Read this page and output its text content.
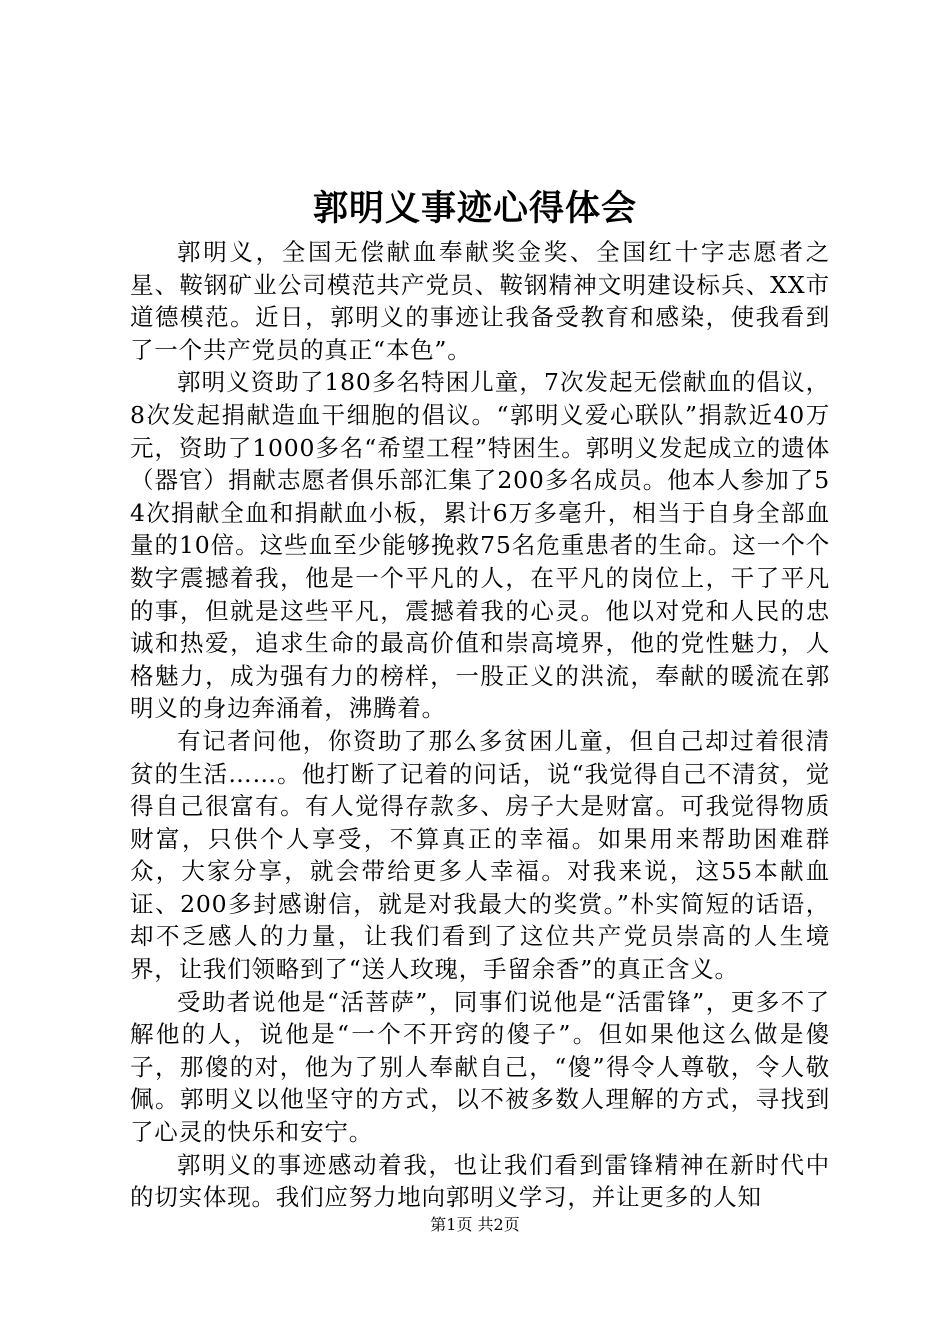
郭明义事迹心得体会

郭明义，全国无偿献血奉献奖金奖、全国红十字志愿者之星、鞍钢矿业公司模范共产党员、鞍钢精神文明建设标兵、XX市道德模范。近日，郭明义的事迹让我备受教育和感染，使我看到了一个共产党员的真正“本色”。

郭明义资助了180多名特困儿童，7次发起无偿献血的倡议，8次发起捐献造血干细胞的倡议。“郭明义爱心联队”捐款近40万元，资助了1000多名“希望工程”特困生。郭明义发起成立的遗体（器官）捐献志愿者俱乐部汇集了200多名成员。他本人参加了54次捐献全血和捐献血小板，累计6万多毫升，相当于自身全部血量的10倍。这些血至少能够挽救75名危重患者的生命。这一个个数字震撼着我，他是一个平凡的人，在平凡的岗位上，干了平凡的事，但就是这些平凡，震撼着我的心灵。他以对党和人民的忠诚和热爱，追求生命的最高价值和崇高境界，他的党性魅力，人格魅力，成为强有力的榜样，一股正义的洪流，奉献的暖流在郭明义的身边奔涌着，沸腾着。

有记者问他，你资助了那么多贫困儿童，但自己却过着很清贫的生活……。他打断了记着的问话，说“我觉得自己不清贫，觉得自己很富有。有人觉得存款多、房子大是财富。可我觉得物质财富，只供个人享受，不算真正的幸福。如果用来帮助困难群众，大家分享，就会带给更多人幸福。对我来说，这55本献血证、200多封感谢信，就是对我最大的奖赏。”朴实简短的话语，却不乏感人的力量，让我们看到了这位共产党员崇高的人生境界，让我们领略到了“送人玫瑰，手留余香”的真正含义。

受助者说他是“活菩萨”，同事们说他是“活雷锋”，更多不了解他的人，说他是“一个不开窍的傻子”。但如果他这么做是傻子，那傻的对，他为了别人奉献自己，“傻”得令人尊敬，令人敬佩。郭明义以他坚守的方式，以不被多数人理解的方式，寻找到了心灵的快乐和安宁。

郭明义的事迹感动着我，也让我们看到雷锋精神在新时代中的切实体现。我们应努力地向郭明义学习，并让更多的人知

第1页 共2页
